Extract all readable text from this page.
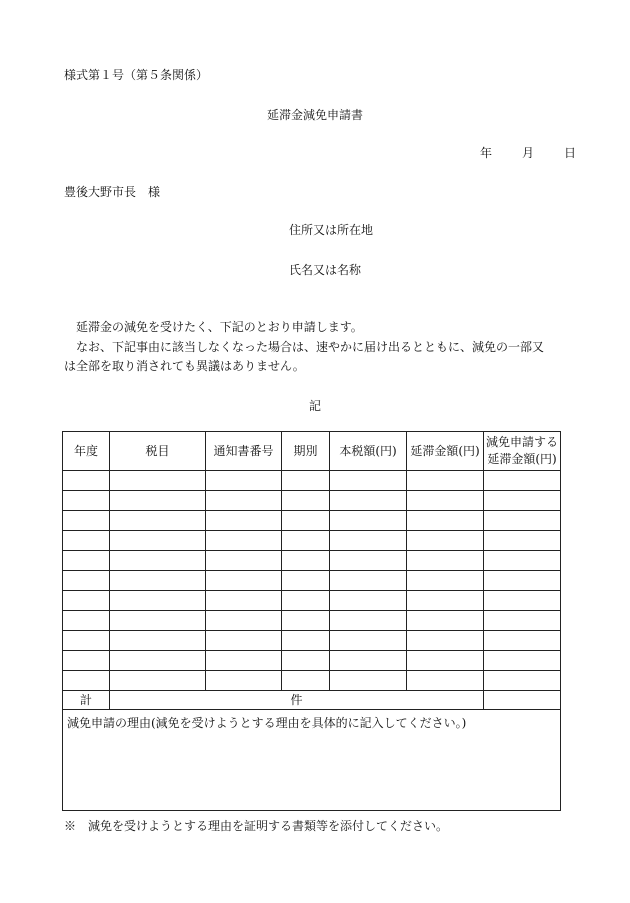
様式第１号（第５条関係）
延滞金減免申請書
年	月	日
豊後大野市長　様
住所又は所在地
氏名又は名称
延滞金の減免を受けたく、下記のとおり申請します。
なお、下記事由に該当しなくなった場合は、速やかに届け出るとともに、減免の一部又
は全部を取り消されても異議はありません。
記
年度	税目	通知書番号	期別	本税額(円)	延滞金額(円)	減免申請する
延滞金額(円)

計	件					
減免申請の理由(減免を受けようとする理由を具体的に記入してください。)						
※　減免を受けようとする理由を証明する書類等を添付してください。
